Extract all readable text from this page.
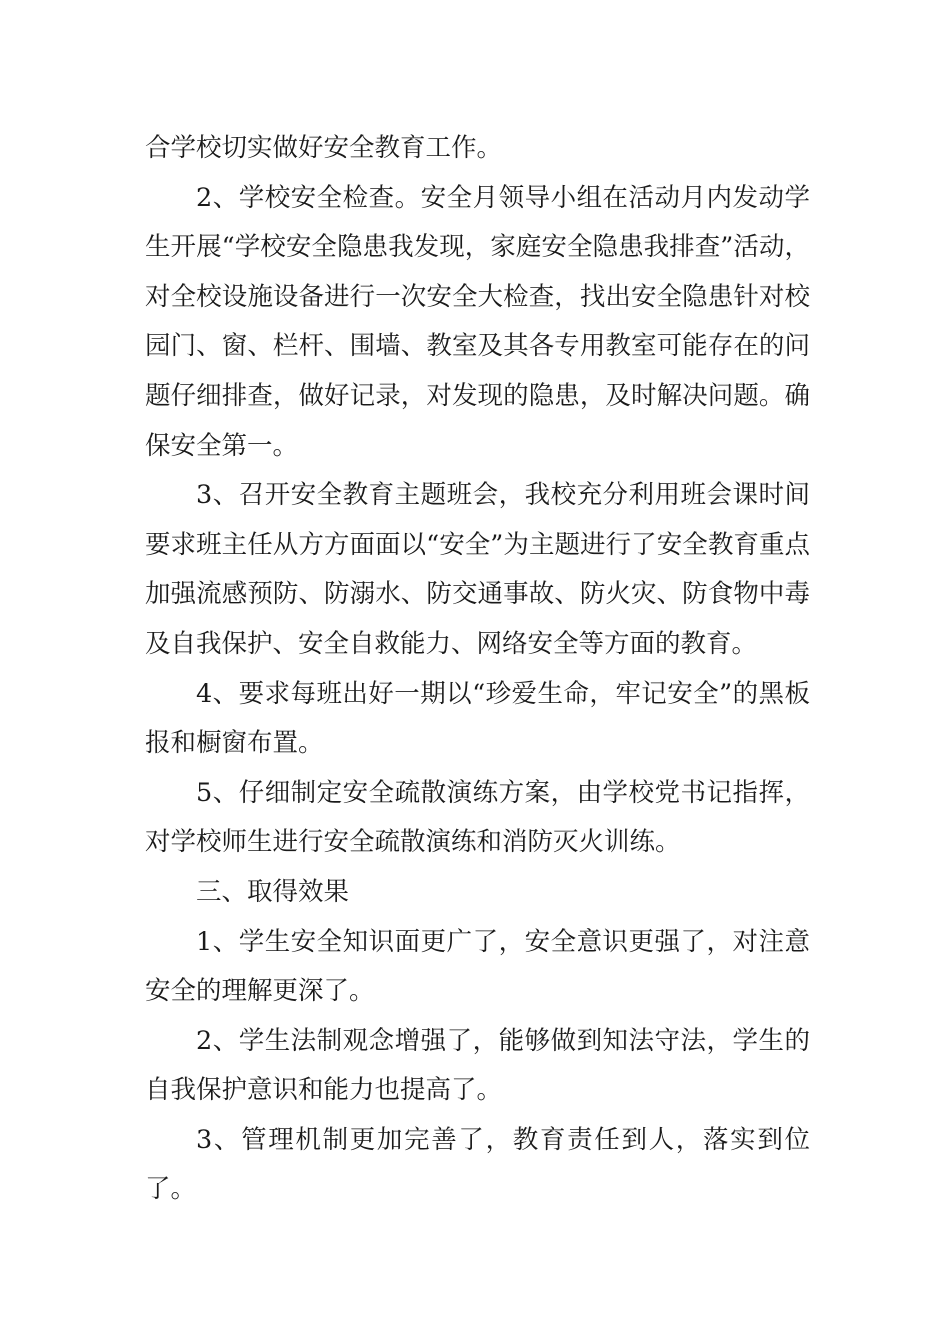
合学校切实做好安全教育工作。

2、学校安全检查。安全月领导小组在活动月内发动学生开展“学校安全隐患我发现，家庭安全隐患我排查”活动，对全校设施设备进行一次安全大检查，找出安全隐患针对校园门、窗、栏杆、围墙、教室及其各专用教室可能存在的问题仔细排查，做好记录，对发现的隐患，及时解决问题。确保安全第一。

3、召开安全教育主题班会，我校充分利用班会课时间要求班主任从方方面面以“安全”为主题进行了安全教育重点加强流感预防、防溺水、防交通事故、防火灾、防食物中毒及自我保护、安全自救能力、网络安全等方面的教育。

4、要求每班出好一期以“珍爱生命，牢记安全”的黑板报和橱窗布置。

5、仔细制定安全疏散演练方案，由学校党书记指挥，对学校师生进行安全疏散演练和消防灭火训练。

三、取得效果

1、学生安全知识面更广了，安全意识更强了，对注意安全的理解更深了。

2、学生法制观念增强了，能够做到知法守法，学生的自我保护意识和能力也提高了。

3、管理机制更加完善了，教育责任到人，落实到位了。
